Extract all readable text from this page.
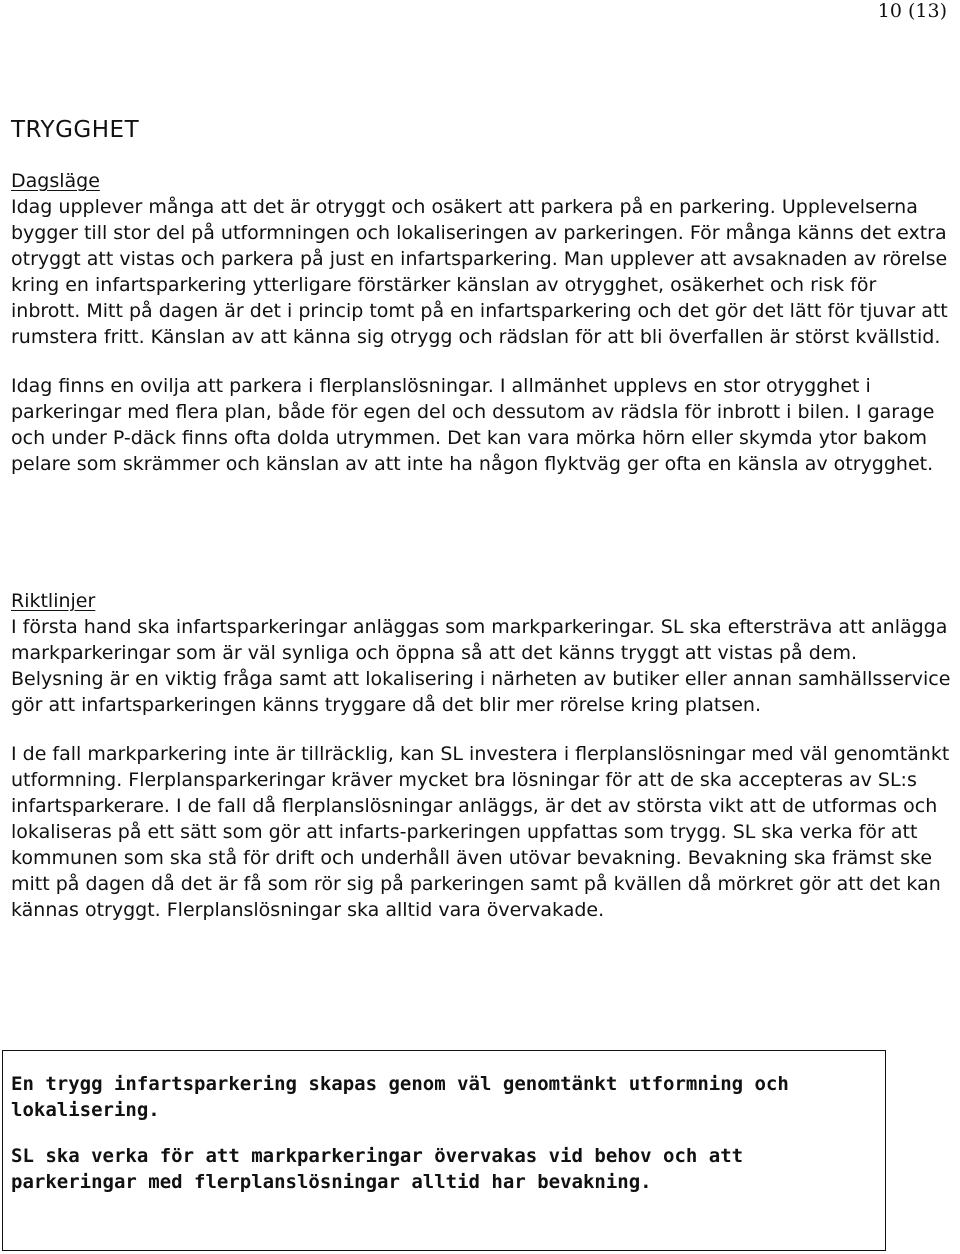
10 (13)
TRYGGHET
Dagsläge

Idag upplever många att det är otryggt och osäkert att parkera på en parkering. Upplevelserna bygger till stor del på utformningen och lokaliseringen av parkeringen. För många känns det extra otryggt att vistas och parkera på just en infartsparkering. Man upplever att avsaknaden av rörelse kring en infartsparkering ytterligare förstärker känslan av otrygghet, osäkerhet och risk för inbrott. Mitt på dagen är det i princip tomt på en infartsparkering och det gör det lätt för tjuvar att rumstera fritt. Känslan av att känna sig otrygg och rädslan för att bli överfallen är störst kvällstid.

Idag finns en ovilja att parkera i flerplanslösningar. I allmänhet upplevs en stor otrygghet i parkeringar med flera plan, både för egen del och dessutom av rädsla för inbrott i bilen. I garage och under P-däck finns ofta dolda utrymmen. Det kan vara mörka hörn eller skymda ytor bakom pelare som skrämmer och känslan av att inte ha någon flyktväg ger ofta en känsla av otrygghet.

Riktlinjer

I första hand ska infartsparkeringar anläggas som markparkeringar. SL ska eftersträva att anlägga markparkeringar som är väl synliga och öppna så att det känns tryggt att vistas på dem. Belysning är en viktig fråga samt att lokalisering i närheten av butiker eller annan samhällsservice gör att infartsparkeringen känns tryggare då det blir mer rörelse kring platsen.

I de fall markparkering inte är tillräcklig, kan SL investera i flerplanslösningar med väl genomtänkt utformning. Flerplansparkeringar kräver mycket bra lösningar för att de ska accepteras av SL:s infartsparkerare. I de fall då flerplanslösningar anläggs, är det av största vikt att de utformas och lokaliseras på ett sätt som gör att infarts-parkeringen uppfattas som trygg. SL ska verka för att kommunen som ska stå för drift och underhåll även utövar bevakning. Bevakning ska främst ske mitt på dagen då det är få som rör sig på parkeringen samt på kvällen då mörkret gör att det kan kännas otryggt. Flerplanslösningar ska alltid vara övervakade.

En trygg infartsparkering skapas genom väl genomtänkt utformning och lokalisering.

SL ska verka för att markparkeringar övervakas vid behov och att parkeringar med flerplanslösningar alltid har bevakning.
